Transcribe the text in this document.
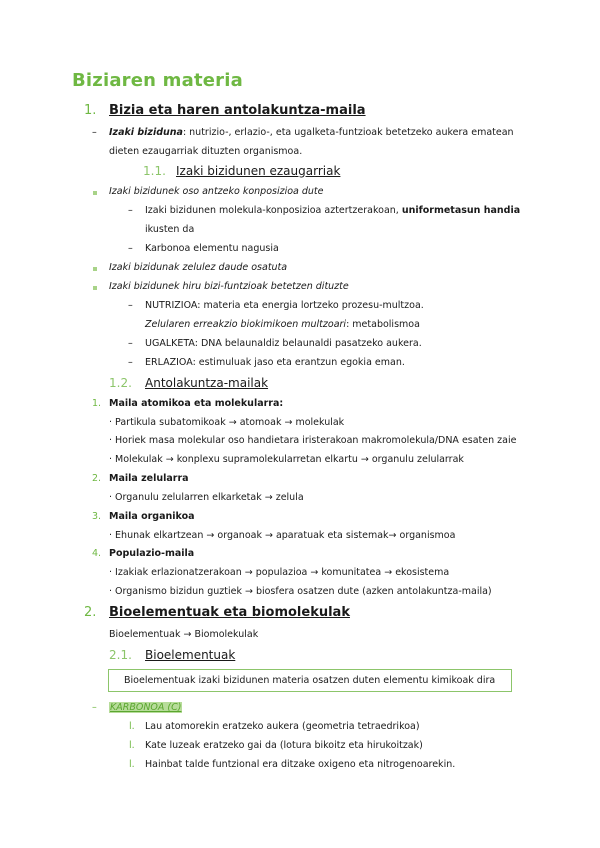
Biziaren materia
1. Bizia eta haren antolakuntza-maila
– Izaki biziduna: nutrizio-, erlazio-, eta ugalketa-funtzioak betetzeko aukera ematean
dieten ezaugarriak dituzten organismoa.
1.1. Izaki bizidunen ezaugarriak
Izaki bizidunek oso antzeko konposizioa dute
– Izaki bizidunen molekula-konposizioa aztertzerakoan, uniformetasun handia
ikusten da
– Karbonoa elementu nagusia
Izaki bizidunak zelulez daude osatuta
Izaki bizidunek hiru bizi-funtzioak betetzen dituzte
– NUTRIZIOA: materia eta energia lortzeko prozesu-multzoa.
Zelularen erreakzio biokimikoen multzoari: metabolismoa
– UGALKETA: DNA belaunaldiz belaunaldi pasatzeko aukera.
– ERLAZIOA: estimuluak jaso eta erantzun egokia eman.
1.2. Antolakuntza-mailak
1. Maila atomikoa eta molekularra:
· Partikula subatomikoak → atomoak → molekulak
· Horiek masa molekular oso handietara iristerakoan makromolekula/DNA esaten zaie
· Molekulak → konplexu supramolekularretan elkartu → organulu zelularrak
2. Maila zelularra
· Organulu zelularren elkarketak → zelula
3. Maila organikoa
· Ehunak elkartzean → organoak → aparatuak eta sistemak→ organismoa
4. Populazio-maila
· Izakiak erlazionatzerakoan → populazioa → komunitatea → ekosistema
· Organismo bizidun guztiek → biosfera osatzen dute (azken antolakuntza-maila)
2. Bioelementuak eta biomolekulak
Bioelementuak → Biomolekulak
2.1. Bioelementuak
Bioelementuak izaki bizidunen materia osatzen duten elementu kimikoak dira
– KARBONOA (C)
l. Lau atomorekin eratzeko aukera (geometria tetraedrikoa)
l. Kate luzeak eratzeko gai da (lotura bikoitz eta hirukoitzak)
l. Hainbat talde funtzional era ditzake oxigeno eta nitrogenoarekin.
